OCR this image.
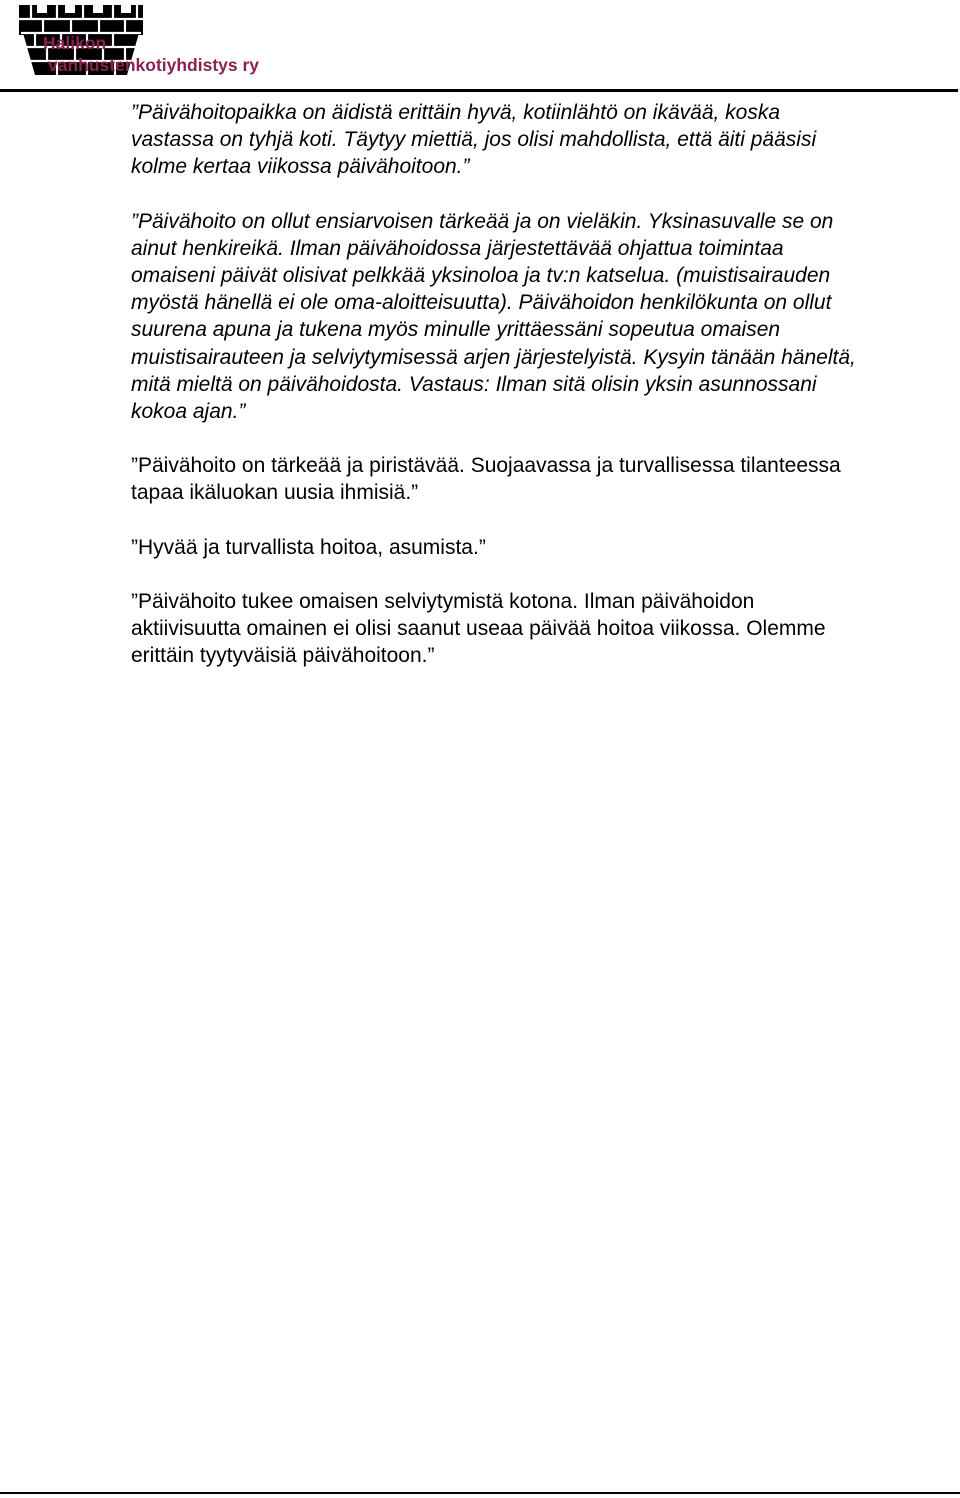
Halikon
vanhustenkotiyhdistys ry

”Päivähoitopaikka on äidistä erittäin hyvä, kotiinlähtö on ikävää, koska
vastassa on tyhjä koti. Täytyy miettiä, jos olisi mahdollista, että äiti pääsisi
kolme kertaa viikossa päivähoitoon.”

”Päivähoito on ollut ensiarvoisen tärkeää ja on vieläkin. Yksinasuvalle se on
ainut henkireikä. Ilman päivähoidossa järjestettävää ohjattua toimintaa
omaiseni päivät olisivat pelkkää yksinoloa ja tv:n katselua. (muistisairauden
myöstä hänellä ei ole oma-aloitteisuutta). Päivähoidon henkilökunta on ollut
suurena apuna ja tukena myös minulle yrittäessäni sopeutua omaisen
muistisairauteen ja selviytymisessä arjen järjestelyistä. Kysyin tänään häneltä,
mitä mieltä on päivähoidosta. Vastaus: Ilman sitä olisin yksin asunnossani
kokoa ajan.”

”Päivähoito on tärkeää ja piristävää. Suojaavassa ja turvallisessa tilanteessa
tapaa ikäluokan uusia ihmisiä.”

”Hyvää ja turvallista hoitoa, asumista.”

”Päivähoito tukee omaisen selviytymistä kotona. Ilman päivähoidon
aktiivisuutta omainen ei olisi saanut useaa päivää hoitoa viikossa. Olemme
erittäin tyytyväisiä päivähoitoon.”
